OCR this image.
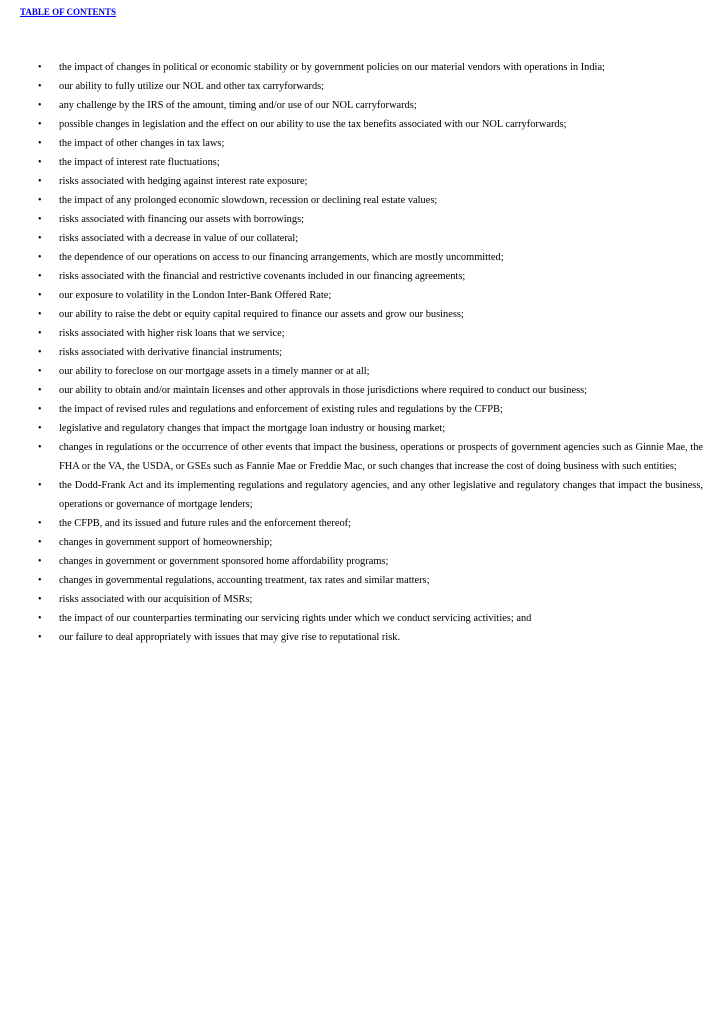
TABLE OF CONTENTS
•	the impact of changes in political or economic stability or by government policies on our material vendors with operations in India;
•	our ability to fully utilize our NOL and other tax carryforwards;
•	any challenge by the IRS of the amount, timing and/or use of our NOL carryforwards;
•	possible changes in legislation and the effect on our ability to use the tax benefits associated with our NOL carryforwards;
•	the impact of other changes in tax laws;
•	the impact of interest rate fluctuations;
•	risks associated with hedging against interest rate exposure;
•	the impact of any prolonged economic slowdown, recession or declining real estate values;
•	risks associated with financing our assets with borrowings;
•	risks associated with a decrease in value of our collateral;
•	the dependence of our operations on access to our financing arrangements, which are mostly uncommitted;
•	risks associated with the financial and restrictive covenants included in our financing agreements;
•	our exposure to volatility in the London Inter-Bank Offered Rate;
•	our ability to raise the debt or equity capital required to finance our assets and grow our business;
•	risks associated with higher risk loans that we service;
•	risks associated with derivative financial instruments;
•	our ability to foreclose on our mortgage assets in a timely manner or at all;
•	our ability to obtain and/or maintain licenses and other approvals in those jurisdictions where required to conduct our business;
•	the impact of revised rules and regulations and enforcement of existing rules and regulations by the CFPB;
•	legislative and regulatory changes that impact the mortgage loan industry or housing market;
•	changes in regulations or the occurrence of other events that impact the business, operations or prospects of government agencies such as Ginnie Mae, the FHA or the VA, the USDA, or GSEs such as Fannie Mae or Freddie Mac, or such changes that increase the cost of doing business with such entities;
•	the Dodd-Frank Act and its implementing regulations and regulatory agencies, and any other legislative and regulatory changes that impact the business, operations or governance of mortgage lenders;
•	the CFPB, and its issued and future rules and the enforcement thereof;
•	changes in government support of homeownership;
•	changes in government or government sponsored home affordability programs;
•	changes in governmental regulations, accounting treatment, tax rates and similar matters;
•	risks associated with our acquisition of MSRs;
•	the impact of our counterparties terminating our servicing rights under which we conduct servicing activities; and
•	our failure to deal appropriately with issues that may give rise to reputational risk.
